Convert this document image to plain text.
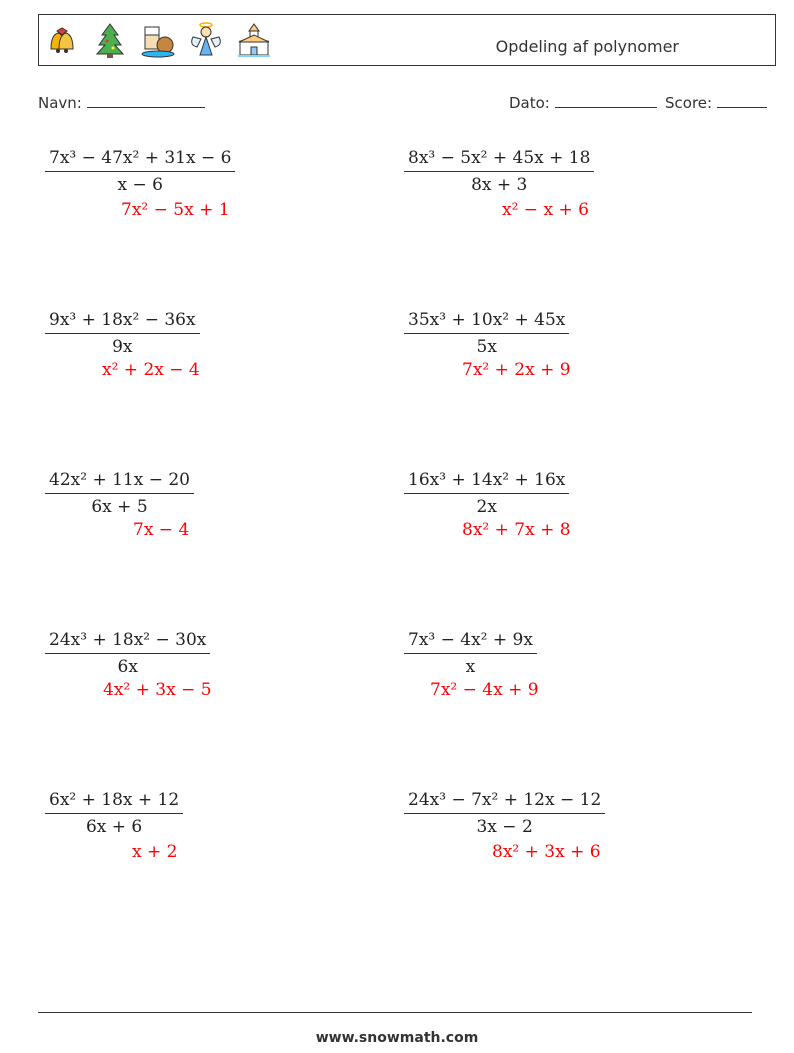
Opdeling af polynomer
Navn:	Dato:	Score:
$\frac{\text{7x³ − 47x² + 31x − 6}}{x - 6}$
7x² − 5x + 1
$\frac{\text{9x³ + 18x² − 36x}}{9x}$
x² + 2x − 4
$\frac{\text{42x² + 11x − 20}}{6x + 5}$
7x − 4
$\frac{\text{24x³ + 18x² − 30x}}{6x}$
4x² + 3x − 5
$\frac{\text{6x² + 18x + 12}}{6x + 6}$
x + 2
$\frac{\text{8x³ − 5x² + 45x + 18}}{8x + 3}$
x² − x + 6
$\frac{\text{35x³ + 10x² + 45x}}{5x}$
7x² + 2x + 9
$\frac{\text{16x³ + 14x² + 16x}}{2x}$
8x² + 7x + 8
$\frac{\text{7x³ − 4x² + 9x}}{x}$
7x² − 4x + 9
$\frac{\text{24x³ − 7x² + 12x − 12}}{3x - 2}$
8x² + 3x + 6
www.snowmath.com
